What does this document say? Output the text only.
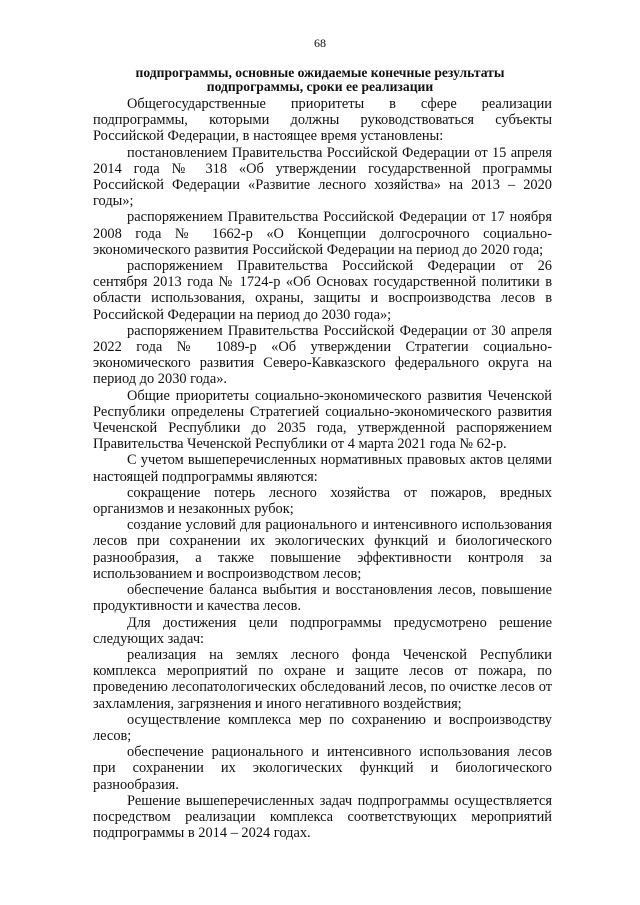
68
подпрограммы, основные ожидаемые конечные результаты
подпрограммы, сроки ее реализации

Общегосударственные приоритеты в сфере реализации подпрограммы, которыми должны руководствоваться субъекты Российской Федерации, в настоящее время установлены:

постановлением Правительства Российской Федерации от 15 апреля 2014 года № 318 «Об утверждении государственной программы Российской Федерации «Развитие лесного хозяйства» на 2013 – 2020 годы»;

распоряжением Правительства Российской Федерации от 17 ноября 2008 года № 1662-р «О Концепции долгосрочного социально-экономического развития Российской Федерации на период до 2020 года;

распоряжением Правительства Российской Федерации от 26 сентября 2013 года № 1724-р «Об Основах государственной политики в области использования, охраны, защиты и воспроизводства лесов в Российской Федерации на период до 2030 года»;

распоряжением Правительства Российской Федерации от 30 апреля 2022 года № 1089-р «Об утверждении Стратегии социально-экономического развития Северо-Кавказского федерального округа на период до 2030 года».

Общие приоритеты социально-экономического развития Чеченской Республики определены Стратегией социально-экономического развития Чеченской Республики до 2035 года, утвержденной распоряжением Правительства Чеченской Республики от 4 марта 2021 года № 62-р.

С учетом вышеперечисленных нормативных правовых актов целями настоящей подпрограммы являются:

сокращение потерь лесного хозяйства от пожаров, вредных организмов и незаконных рубок;

создание условий для рационального и интенсивного использования лесов при сохранении их экологических функций и биологического разнообразия, а также повышение эффективности контроля за использованием и воспроизводством лесов;

обеспечение баланса выбытия и восстановления лесов, повышение продуктивности и качества лесов.

Для достижения цели подпрограммы предусмотрено решение следующих задач:

реализация на землях лесного фонда Чеченской Республики комплекса мероприятий по охране и защите лесов от пожара, по проведению лесопатологических обследований лесов, по очистке лесов от захламления, загрязнения и иного негативного воздействия;

осуществление комплекса мер по сохранению и воспроизводству лесов;

обеспечение рационального и интенсивного использования лесов при сохранении их экологических функций и биологического разнообразия.

Решение вышеперечисленных задач подпрограммы осуществляется посредством реализации комплекса соответствующих мероприятий подпрограммы в 2014 – 2024 годах.
